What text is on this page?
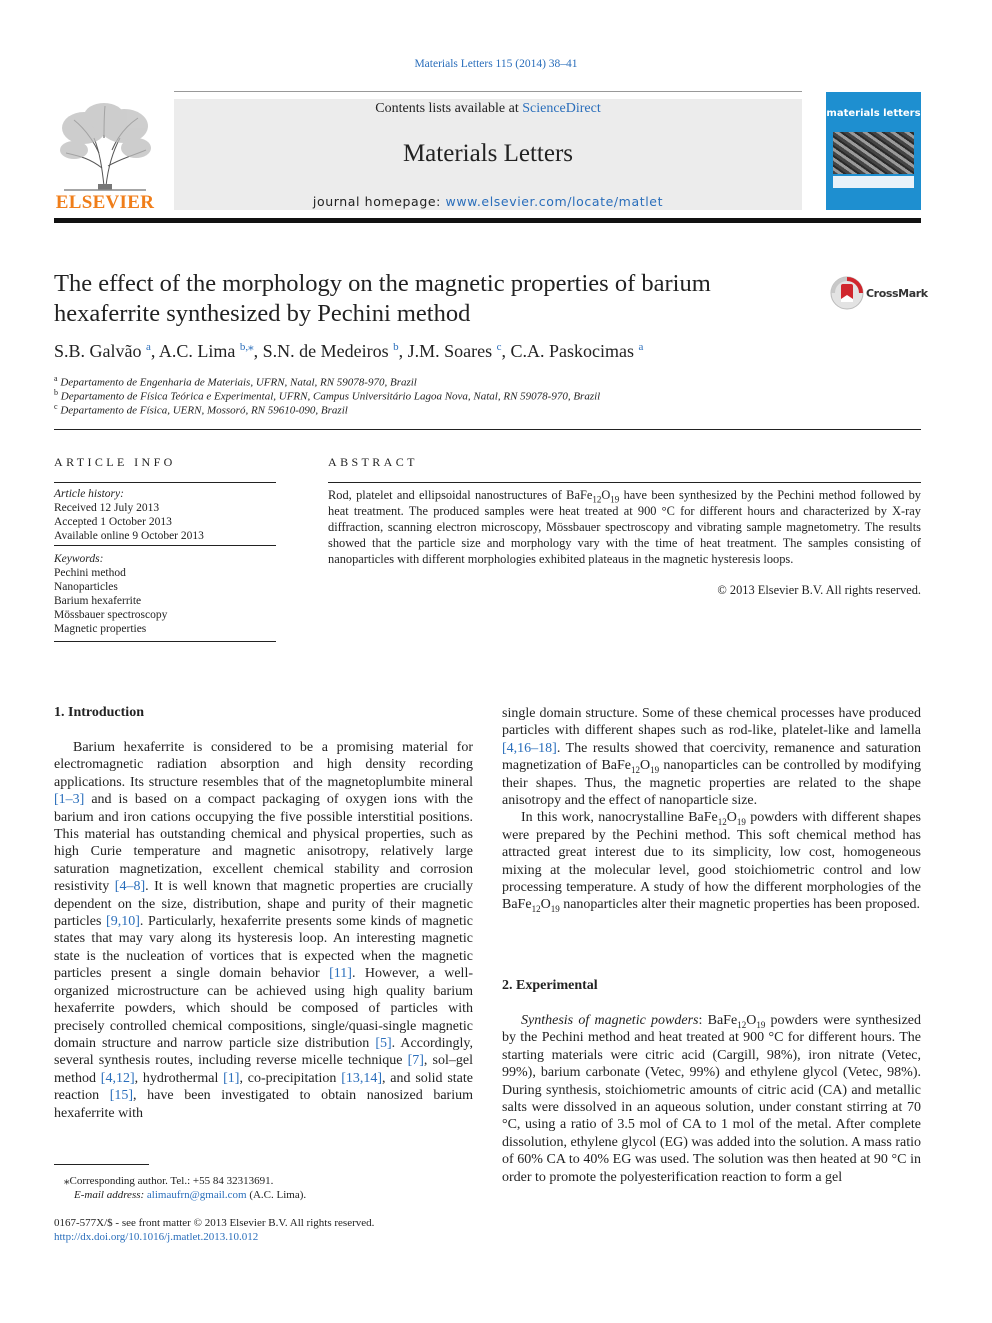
Materials Letters 115 (2014) 38–41
ELSEVIER
Contents lists available at ScienceDirect
Materials Letters
journal homepage: www.elsevier.com/locate/matlet
materials letters
The effect of the morphology on the magnetic properties of barium hexaferrite synthesized by Pechini method
CrossMark
S.B. Galvão $^a$, A.C. Lima $^{b,⁎}$, S.N. de Medeiros $^b$, J.M. Soares $^c$, C.A. Paskocimas $^a$
$^a$ Departamento de Engenharia de Materiais, UFRN, Natal, RN 59078-970, Brazil
$^b$ Departamento de Física Teórica e Experimental, UFRN, Campus Universitário Lagoa Nova, Natal, RN 59078-970, Brazil
$^c$ Departamento de Física, UERN, Mossoró, RN 59610-090, Brazil
ARTICLE INFO
Article history:
Received 12 July 2013
Accepted 1 October 2013
Available online 9 October 2013
Keywords:
Pechini method
Nanoparticles
Barium hexaferrite
Mössbauer spectroscopy
Magnetic properties
ABSTRACT
Rod, platelet and ellipsoidal nanostructures of $BaFe_{12}O_{19}$ have been synthesized by the Pechini method followed by heat treatment. The produced samples were heat treated at 900 °C for different hours and characterized by X-ray diffraction, scanning electron microscopy, Mössbauer spectroscopy and vibrating sample magnetometry. The results showed that the particle size and morphology vary with the time of heat treatment. The samples consisting of nanoparticles with different morphologies exhibited plateaus in the magnetic hysteresis loops.
© 2013 Elsevier B.V. All rights reserved.
1. Introduction

Barium hexaferrite is considered to be a promising material for electromagnetic radiation absorption and high density recording applications. Its structure resembles that of the magnetoplumbite mineral [1–3] and is based on a compact packaging of oxygen ions with the barium and iron cations occupying the five possible interstitial positions. This material has outstanding chemical and physical properties, such as high Curie temperature and magnetic anisotropy, relatively large saturation magnetization, excellent chemical stability and corrosion resistivity [4–8]. It is well known that magnetic properties are crucially dependent on the size, distribution, shape and purity of their magnetic particles [9,10]. Particularly, hexaferrite presents some kinds of magnetic states that may vary along its hysteresis loop. An interesting magnetic state is the nucleation of vortices that is expected when the magnetic particles present a single domain behavior [11]. However, a well-organized microstructure can be achieved using high quality barium hexaferrite powders, which should be composed of particles with precisely controlled chemical compositions, single/quasi-single magnetic domain structure and narrow particle size distribution [5]. Accordingly, several synthesis routes, including reverse micelle technique [7], sol–gel method [4,12], hydrothermal [1], co-precipitation [13,14], and solid state reaction [15], have been investigated to obtain nanosized barium hexaferrite with

single domain structure. Some of these chemical processes have produced particles with different shapes such as rod-like, platelet-like and lamella [4,16–18]. The results showed that coercivity, remanence and saturation magnetization of $BaFe_{12}O_{19}$ nanoparticles can be controlled by modifying their shapes. Thus, the magnetic properties are related to the shape anisotropy and the effect of nanoparticle size.

In this work, nanocrystalline $BaFe_{12}O_{19}$ powders with different shapes were prepared by the Pechini method. This soft chemical method has attracted great interest due to its simplicity, low cost, homogeneous mixing at the molecular level, good stoichiometric control and low processing temperature. A study of how the different morphologies of the $BaFe_{12}O_{19}$ nanoparticles alter their magnetic properties has been proposed.

2. Experimental

Synthesis of magnetic powders: $BaFe_{12}O_{19}$ powders were synthesized by the Pechini method and heat treated at 900 °C for different hours. The starting materials were citric acid (Cargill, 98%), iron nitrate (Vetec, 99%), barium carbonate (Vetec, 99%) and ethylene glycol (Vetec, 98%). During synthesis, stoichiometric amounts of citric acid (CA) and metallic salts were dissolved in an aqueous solution, under constant stirring at 70 °C, using a ratio of 3.5 mol of CA to 1 mol of the metal. After complete dissolution, ethylene glycol (EG) was added into the solution. A mass ratio of 60% CA to 40% EG was used. The solution was then heated at 90 °C in order to promote the polyesterification reaction to form a gel

⁎Corresponding author. Tel.: +55 84 32313691.
E-mail address: alimaufrn@gmail.com (A.C. Lima).
0167-577X/$ - see front matter © 2013 Elsevier B.V. All rights reserved.
http://dx.doi.org/10.1016/j.matlet.2013.10.012
